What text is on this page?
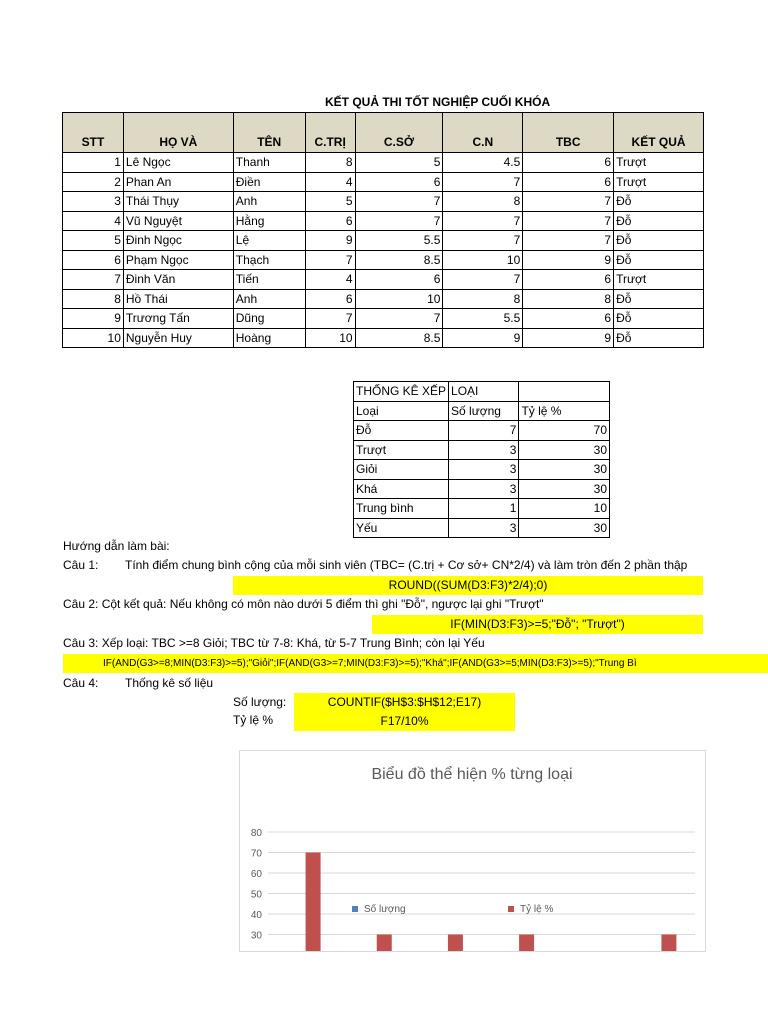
KẾT QUẢ THI TỐT NGHIỆP CUỐI KHÓA
STT	HỌ VÀ	TÊN	C.TRỊ	C.SỞ	C.N	TBC	KẾT QUẢ
1	Lê Ngọc	Thanh	8	5	4.5	6	Trượt
2	Phan An	Điền	4	6	7	6	Trượt
3	Thái Thụy	Anh	5	7	8	7	Đỗ
4	Vũ Nguyệt	Hằng	6	7	7	7	Đỗ
5	Đinh Ngọc	Lệ	9	5.5	7	7	Đỗ
6	Phạm Ngọc	Thạch	7	8.5	10	9	Đỗ
7	Đinh Văn	Tiến	4	6	7	6	Trượt
8	Hồ Thái	Anh	6	10	8	8	Đỗ
9	Trương Tấn	Dũng	7	7	5.5	6	Đỗ
10	Nguyễn Huy	Hoàng	10	8.5	9	9	Đỗ
THỐNG KÊ XẾP	LOẠI	
Loại	Số lượng	Tỷ lệ %
Đỗ	7	70
Trượt	3	30
Giỏi	3	30
Khá	3	30
Trung bình	1	10
Yếu	3	30
Hướng dẫn làm bài:
Câu 1: Tính điểm chung bình cộng của mỗi sinh viên (TBC= (C.trị + Cơ sở+ CN*2/4) và làm tròn đến 2 phần thập
ROUND((SUM(D3:F3)*2/4);0)
Câu 2: Cột kết quả: Nếu không có môn nào dưới 5 điểm thì ghi "Đỗ", ngược lại ghi "Trượt"
IF(MIN(D3:F3)>=5;"Đỗ"; "Trượt")
Câu 3: Xếp loại: TBC >=8 Giỏi; TBC từ 7-8: Khá, từ 5-7 Trung Bình; còn lại Yếu
IF(AND(G3>=8;MIN(D3:F3)>=5);"Giỏi";IF(AND(G3>=7;MIN(D3:F3)>=5);"Khá";IF(AND(G3>=5;MIN(D3:F3)>=5);"Trung Bì
Câu 4: Thống kê số liệu
Số lượng:	COUNTIF($H$3:$H$12;E17)
Tỷ lệ %	F17/10%
Biểu đồ thể hiện % từng loại
80
70
60
50
40
30
Số lượng	Tỷ lệ %
